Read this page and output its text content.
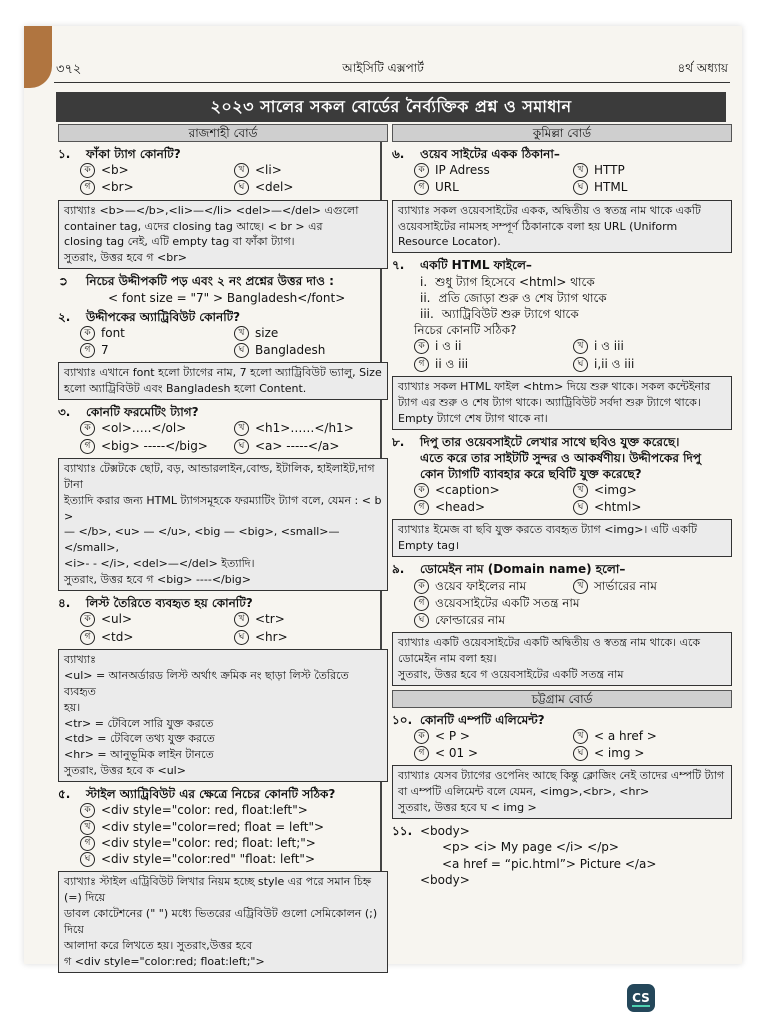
৩৭২	আইসিটি এক্সপার্ট	৪র্থ অধ্যায়
২০২৩ সালের সকল বোর্ডের নৈর্ব্যক্তিক প্রশ্ন ও সমাধান
রাজশাহী বোর্ড
১.	ফাঁকা ট্যাগ কোনটি?
ক <b>	খ <li>
গ <br>	ঘ <del>

ব্যাখ্যাঃ <b>—</b>,<li>—</li> <del>—</del> এগুলো

container tag, এদের closing tag আছে। < br > এর

closing tag নেই, এটি empty tag বা ফাঁকা ট্যাগ।

সুতরাং, উত্তর হবে গ <br>

➲	নিচের উদ্দীপকটি পড় এবং ২ নং প্রশ্নের উত্তর দাও :
< font size = "7" > Bangladesh</font>
২.	উদ্দীপকের অ্যাট্রিবিউট কোনটি?
ক font	খ size
গ 7	ঘ Bangladesh

ব্যাখ্যাঃ এখানে font হলো ট্যাগের নাম, 7 হলো অ্যাট্রিবিউট ভ্যালু, Size

হলো অ্যাট্রিবিউট এবং Bangladesh হলো Content.

৩.	কোনটি ফরমেটিং ট্যাগ?
ক <ol>…..</ol>	খ <h1>……</h1>
গ <big> -----</big>	ঘ <a> -----</a>

ব্যাখ্যাঃ টেক্সটকে ছোট, বড়, আন্ডারলাইন,বোল্ড, ইটালিক, হাইলাইট,দাগ টানা

ইত্যাদি করার জন্য HTML ট্যাগসমূহকে ফরম্যাটিং ট্যাগ বলে, যেমন : < b >

— </b>, <u> — </u>, <big — <big>, <small>—</small>,

<i>- - </i>, <del>—</del> ইত্যাদি।

সুতরাং, উত্তর হবে গ <big> ----</big>

৪.	লিস্ট তৈরিতে ব্যবহৃত হয় কোনটি?
ক <ul>	খ <tr>
গ <td>	ঘ <hr>

ব্যাখ্যাঃ

<ul> = আনঅর্ডারড লিস্ট অর্থাৎ ক্রমিক নং ছাড়া লিস্ট তৈরিতে ব্যবহৃত

হয়।

<tr> = টেবিলে সারি যুক্ত করতে

<td> = টেবিলে তথ্য যুক্ত করতে

<hr> = আনুভূমিক লাইন টানতে

সুতরাং, উত্তর হবে ক <ul>

৫.	স্টাইল অ্যাট্রিবিউট এর ক্ষেত্রে নিচের কোনটি সঠিক?
ক <div style="color: red, float:left">
খ <div style="color=red; float = left">
গ <div style="color: red; float: left;">
ঘ <div style="color:red" "float: left">

ব্যাখ্যাঃ স্টাইল এট্রিবিউট লিখার নিয়ম হচ্ছে style এর পরে সমান চিহ্ন (=) দিয়ে

ডাবল কোটেশনের (" ") মধ্যে ভিতরের এট্রিবিউট গুলো সেমিকোলন (;) দিয়ে

আলাদা করে লিখতে হয়। সুতরাং,উত্তর হবে

গ <div style="color:red; float:left;">

কুমিল্লা বোর্ড
৬.	ওয়েব সাইটের একক ঠিকানা–
ক IP Adress	খ HTTP
গ URL	ঘ HTML

ব্যাখ্যাঃ সকল ওয়েবসাইটের একক, অদ্বিতীয় ও স্বতন্ত্র নাম থাকে একটি

ওয়েবসাইটের নামসহ সম্পূর্ণ ঠিকানাকে বলা হয় URL (Uniform

Resource Locator).

৭.	একটি HTML ফাইলে–
i. শুধু ট্যাগ হিসেবে <html> থাকে
ii. প্রতি জোড়া শুরু ও শেষ ট্যাগ থাকে
iii. অ্যাট্রিবিউট শুরু ট্যাগে থাকে
নিচের কোনটি সঠিক?
ক i ও ii	খ i ও iii
গ ii ও iii	ঘ i,ii ও iii

ব্যাখ্যাঃ সকল HTML ফাইল <htm> দিয়ে শুরু থাকে। সকল কন্টেইনার

ট্যাগ এর শুরু ও শেষ ট্যাগ থাকে। অ্যাট্রিবিউট সর্বদা শুরু ট্যাগে থাকে।

Empty ট্যাগে শেষ ট্যাগ থাকে না।

৮.	দিপু তার ওয়েবসাইটে লেখার সাথে ছবিও যুক্ত করেছে।
এতে করে তার সাইটটি সুন্দর ও আকর্ষণীয়। উদ্দীপকের দিপু
কোন ট্যাগটি ব্যাবহার করে ছবিটি যুক্ত করেছে?
ক <caption>	খ <img>
গ <head>	ঘ <html>

ব্যাখ্যাঃ ইমেজ বা ছবি যুক্ত করতে ব্যবহৃত ট্যাগ <img>। এটি একটি

Empty tag।

৯.	ডোমেইন নাম (Domain name) হলো–
ক ওয়েব ফাইলের নাম	খ সার্ভারের নাম
গ ওয়েবসাইটের একটি সতন্ত্র নাম
ঘ ফোল্ডারের নাম

ব্যাখ্যাঃ একটি ওয়েবসাইটের একটি অদ্বিতীয় ও স্বতন্ত্র নাম থাকে। একে

ডোমেইন নাম বলা হয়।

সুতরাং, উত্তর হবে গ ওয়েবসাইটের একটি সতন্ত্র নাম

চট্টগ্রাম বোর্ড
১০. কোনটি এম্পটি এলিমেন্ট?
ক < P >	খ < a href >
গ < 01 >	ঘ < img >

ব্যাখ্যাঃ যেসব ট্যাগের ওপেনিং আছে কিন্তু ক্লোজিং নেই তাদের এম্পটি ট্যাগ

বা এম্পটি এলিমেন্ট বলে যেমন, <img>,<br>, <hr>

সুতরাং, উত্তর হবে ঘ < img >

১১. <body>
<p> <i> My page </i> </p>
<a href = “pic.html”> Picture </a>
<body>
CS
